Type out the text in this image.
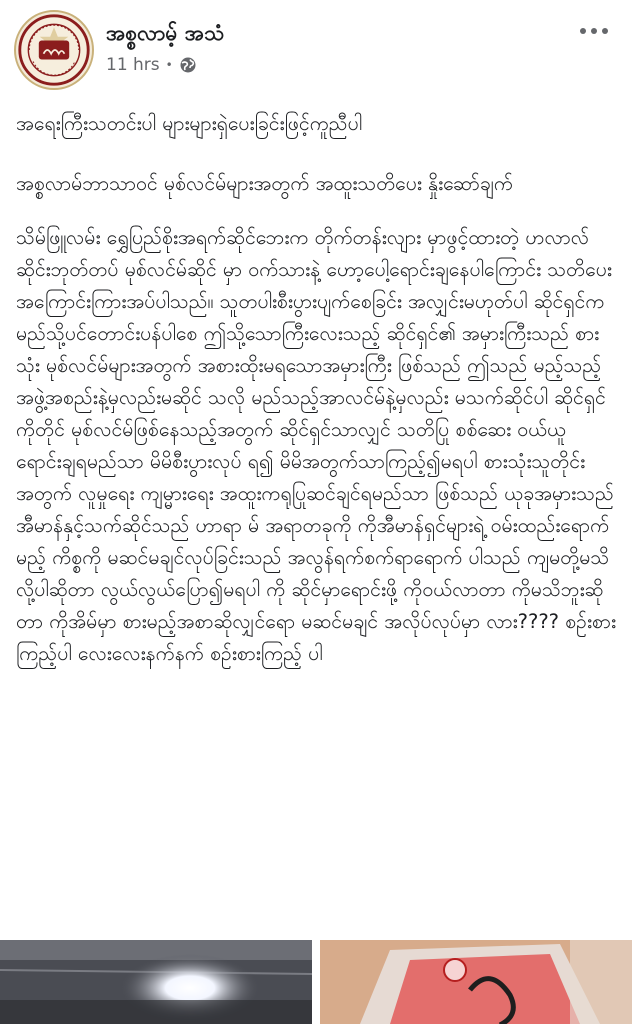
အစ္စလာမ့် အသံ
11 hrs •

အရေးကြီးသတင်းပါ များများရှဲပေးခြင်းဖြင့်ကူညီပါ

အစ္စလာမ်ဘာသာဝင် မုစ်လင်မ်များအတွက် အထူးသတိပေး နှိုးဆော်ချက်

သိမ်ဖြူလမ်း ရွှေပြည်စိုးအရက်ဆိုင်ဘေးက တိုက်တန်းလျား မှာဖွင့်ထားတဲ့ ဟလာလ် ဆိုင်းဘုတ်တပ် မုစ်လင်မ်ဆိုင် မှာ ဝက်သားနဲ့ ဟော့ပေါ့ရောင်းချနေပါကြောင်း သတိပေး အကြောင်းကြားအပ်ပါသည်။ သူတပါးစီးပွားပျက်စေခြင်း အလျှင်းမဟုတ်ပါ ဆိုင်ရှင်ကမည်သို့ပင်တောင်းပန်ပါစေ ဤသို့သောကြီးလေးသည့် ဆိုင်ရှင်၏ အမှားကြီးသည် စား သုံး မုစ်လင်မ်များအတွက် အစားထိုးမရသောအမှားကြီး ဖြစ်သည် ဤသည် မည့်သည့်အဖွဲ့အစည်းနဲ့မှလည်းမဆိုင် သလို မည်သည့်အာလင်မ်နဲ့မှလည်း မသက်ဆိုင်ပါ ဆိုင်ရှင် ကိုတိုင် မုစ်လင်မ်ဖြစ်နေသည့်အတွက် ဆိုင်ရှင်သာလျှင် သတိပြု စစ်ဆေး ဝယ်ယူရောင်းချရမည်သာ မိမိစီးပွားလုပ် ရ၍ မိမိအတွက်သာကြည့်၍မရပါ စားသုံးသူတိုင်းအတွက် လူမှုရေး ကျမ္မားရေး အထူးကရုပြုဆင်ချင်ရမည်သာ ဖြစ်သည် ယုခုအမှားသည် အီမာန်နှင့်သက်ဆိုင်သည် ဟာရာ မ် အရာတခုကို ကိုအီမာန်ရှင်များရဲ့ ဝမ်းထည်းရောက်မည့် ကိစ္စကို မဆင်မချင်လုပ်ခြင်းသည် အလွန်ရက်စက်ရာရောက် ပါသည် ကျမတို့မသိလို့ပါဆိုတာ လွယ်လွယ်ပြော၍မရပါ ကို ဆိုင်မှာရောင်းဖို့ ကိုဝယ်လာတာ ကိုမသိဘူးဆိုတာ ကိုအိမ်မှာ စားမည့်အစာဆိုလျှင်ရော မဆင်မချင် အလိုပ်လုပ်မှာ လား???? စဉ်းစားကြည့်ပါ လေးလေးနက်နက် စဉ်းစားကြည့် ပါ
